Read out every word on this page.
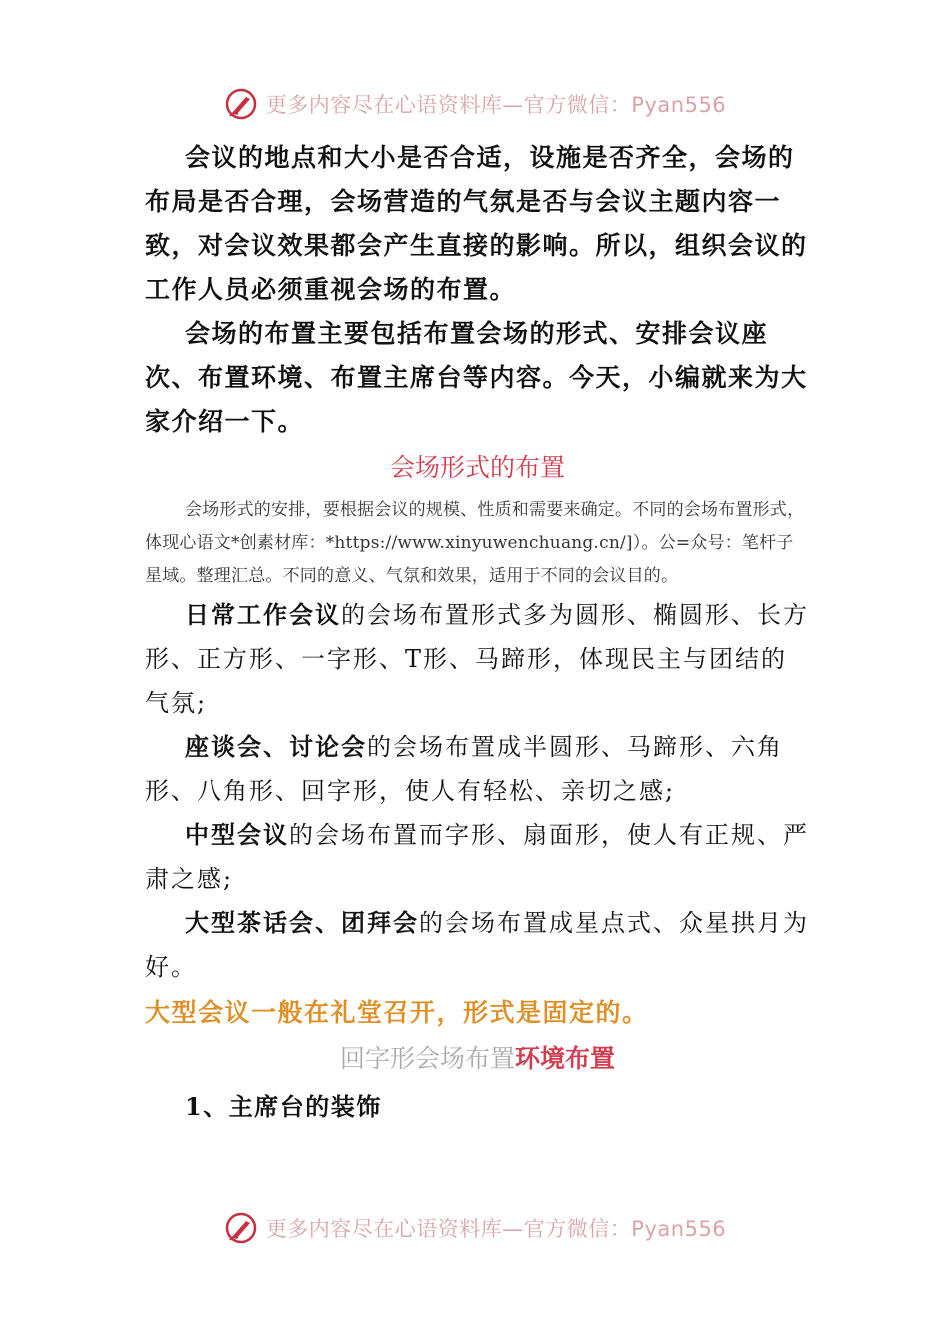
更多内容尽在心语资料库—官方微信：Pyan556

会议的地点和大小是否合适，设施是否齐全，会场的布局是否合理，会场营造的气氛是否与会议主题内容一致，对会议效果都会产生直接的影响。所以，组织会议的工作人员必须重视会场的布置。

会场的布置主要包括布置会场的形式、安排会议座次、布置环境、布置主席台等内容。今天，小编就来为大家介绍一下。

会场形式的布置

会场形式的安排，要根据会议的规模、性质和需要来确定。不同的会场布置形式，体现心语文*创素材库：*https://www.xinyuwenchuang.cn/]）。公=众号：笔杆子星域。整理汇总。不同的意义、气氛和效果，适用于不同的会议目的。

日常工作会议的会场布置形式多为圆形、椭圆形、长方形、正方形、一字形、T形、马蹄形，体现民主与团结的气氛;

座谈会、讨论会的会场布置成半圆形、马蹄形、六角形、八角形、回字形，使人有轻松、亲切之感;

中型会议的会场布置而字形、扇面形，使人有正规、严肃之感;

大型茶话会、团拜会的会场布置成星点式、众星拱月为好。

大型会议一般在礼堂召开，形式是固定的。

回字形会场布置环境布置

1、主席台的装饰

更多内容尽在心语资料库—官方微信：Pyan556
